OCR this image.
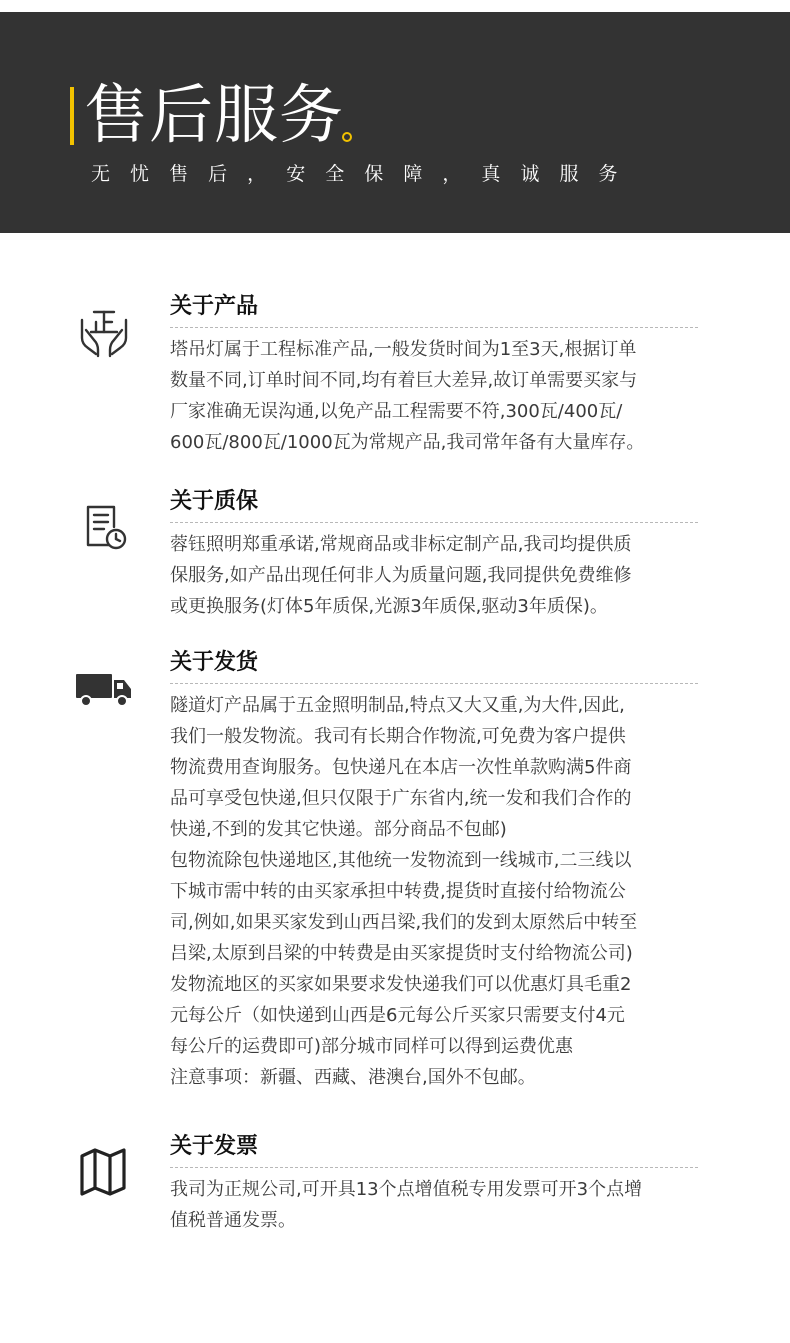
售后服务
无 忧 售 后 ， 安 全 保 障 ， 真 诚 服 务
关于产品

塔吊灯属于工程标准产品,一般发货时间为1至3天,根据订单

数量不同,订单时间不同,均有着巨大差异,故订单需要买家与

厂家准确无误沟通,以免产品工程需要不符,300瓦/400瓦/

600瓦/800瓦/1000瓦为常规产品,我司常年备有大量库存。

关于质保

蓉钰照明郑重承诺,常规商品或非标定制产品,我司均提供质

保服务,如产品出现任何非人为质量问题,我同提供免费维修

或更换服务(灯体5年质保,光源3年质保,驱动3年质保)。

关于发货

隧道灯产品属于五金照明制品,特点又大又重,为大件,因此,

我们一般发物流。我司有长期合作物流,可免费为客户提供

物流费用查询服务。包快递凡在本店一次性单款购满5件商

品可享受包快递,但只仅限于广东省内,统一发和我们合作的

快递,不到的发其它快递。部分商品不包邮)

包物流除包快递地区,其他统一发物流到一线城市,二三线以

下城市需中转的由买家承担中转费,提货时直接付给物流公

司,例如,如果买家发到山西吕梁,我们的发到太原然后中转至

吕梁,太原到吕梁的中转费是由买家提货时支付给物流公司)

发物流地区的买家如果要求发快递我们可以优惠灯具毛重2

元每公斤（如快递到山西是6元每公斤买家只需要支付4元

每公斤的运费即可)部分城市同样可以得到运费优惠

注意事项：新疆、西藏、港澳台,国外不包邮。

关于发票

我司为正规公司,可开具13个点增值税专用发票可开3个点增

值税普通发票。
